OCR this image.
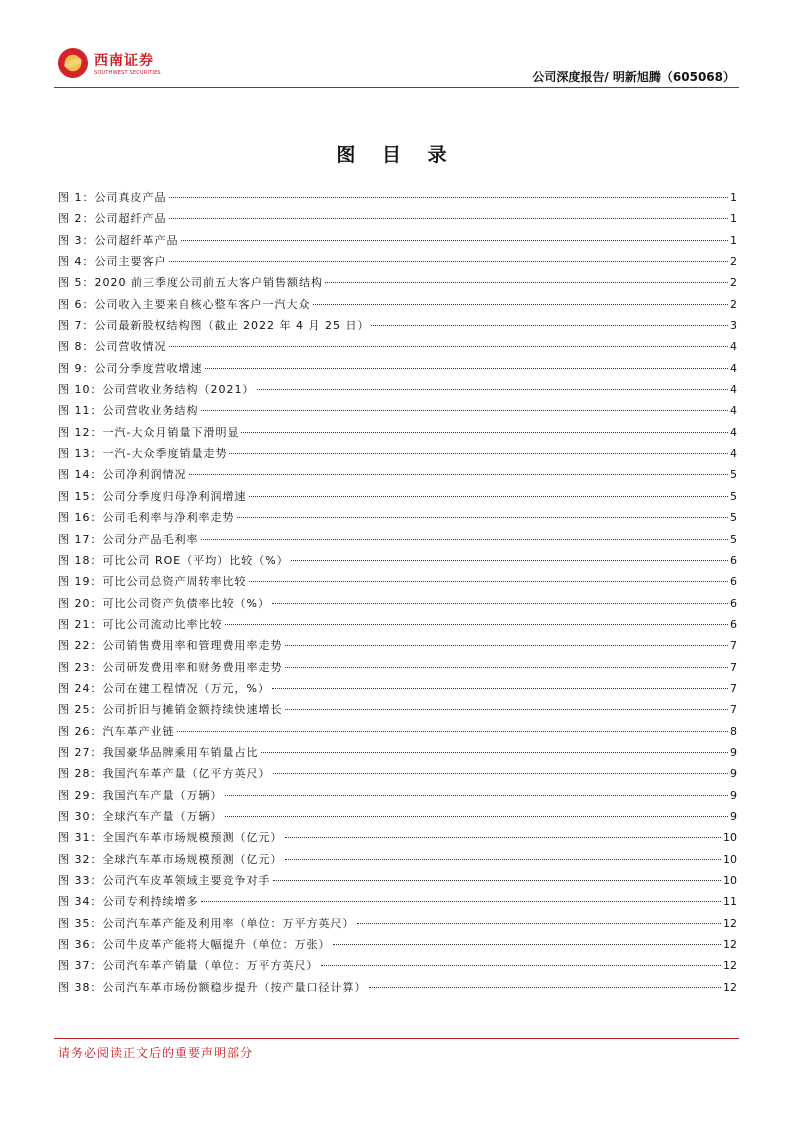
西南证券
SOUTHWEST SECURITIES	公司深度报告/ 明新旭腾（605068）
图 目 录
图 1：公司真皮产品	1
图 2：公司超纤产品	1
图 3：公司超纤革产品	1
图 4：公司主要客户	2
图 5：2020 前三季度公司前五大客户销售额结构	2
图 6：公司收入主要来自核心整车客户一汽大众	2
图 7：公司最新股权结构图（截止 2022 年 4 月 25 日）	3
图 8：公司营收情况	4
图 9：公司分季度营收增速	4
图 10：公司营收业务结构（2021）	4
图 11：公司营收业务结构	4
图 12：一汽-大众月销量下滑明显	4
图 13：一汽-大众季度销量走势	4
图 14：公司净利润情况	5
图 15：公司分季度归母净利润增速	5
图 16：公司毛利率与净利率走势	5
图 17：公司分产品毛利率	5
图 18：可比公司 ROE（平均）比较（%）	6
图 19：可比公司总资产周转率比较	6
图 20：可比公司资产负债率比较（%）	6
图 21：可比公司流动比率比较	6
图 22：公司销售费用率和管理费用率走势	7
图 23：公司研发费用率和财务费用率走势	7
图 24：公司在建工程情况（万元，%）	7
图 25：公司折旧与摊销金额持续快速增长	7
图 26：汽车革产业链	8
图 27：我国豪华品牌乘用车销量占比	9
图 28：我国汽车革产量（亿平方英尺）	9
图 29：我国汽车产量（万辆）	9
图 30：全球汽车产量（万辆）	9
图 31：全国汽车革市场规模预测（亿元）	10
图 32：全球汽车革市场规模预测（亿元）	10
图 33：公司汽车皮革领域主要竞争对手	10
图 34：公司专利持续增多	11
图 35：公司汽车革产能及利用率（单位：万平方英尺）	12
图 36：公司牛皮革产能将大幅提升（单位：万张）	12
图 37：公司汽车革产销量（单位：万平方英尺）	12
图 38：公司汽车革市场份额稳步提升（按产量口径计算）	12
请务必阅读正文后的重要声明部分
